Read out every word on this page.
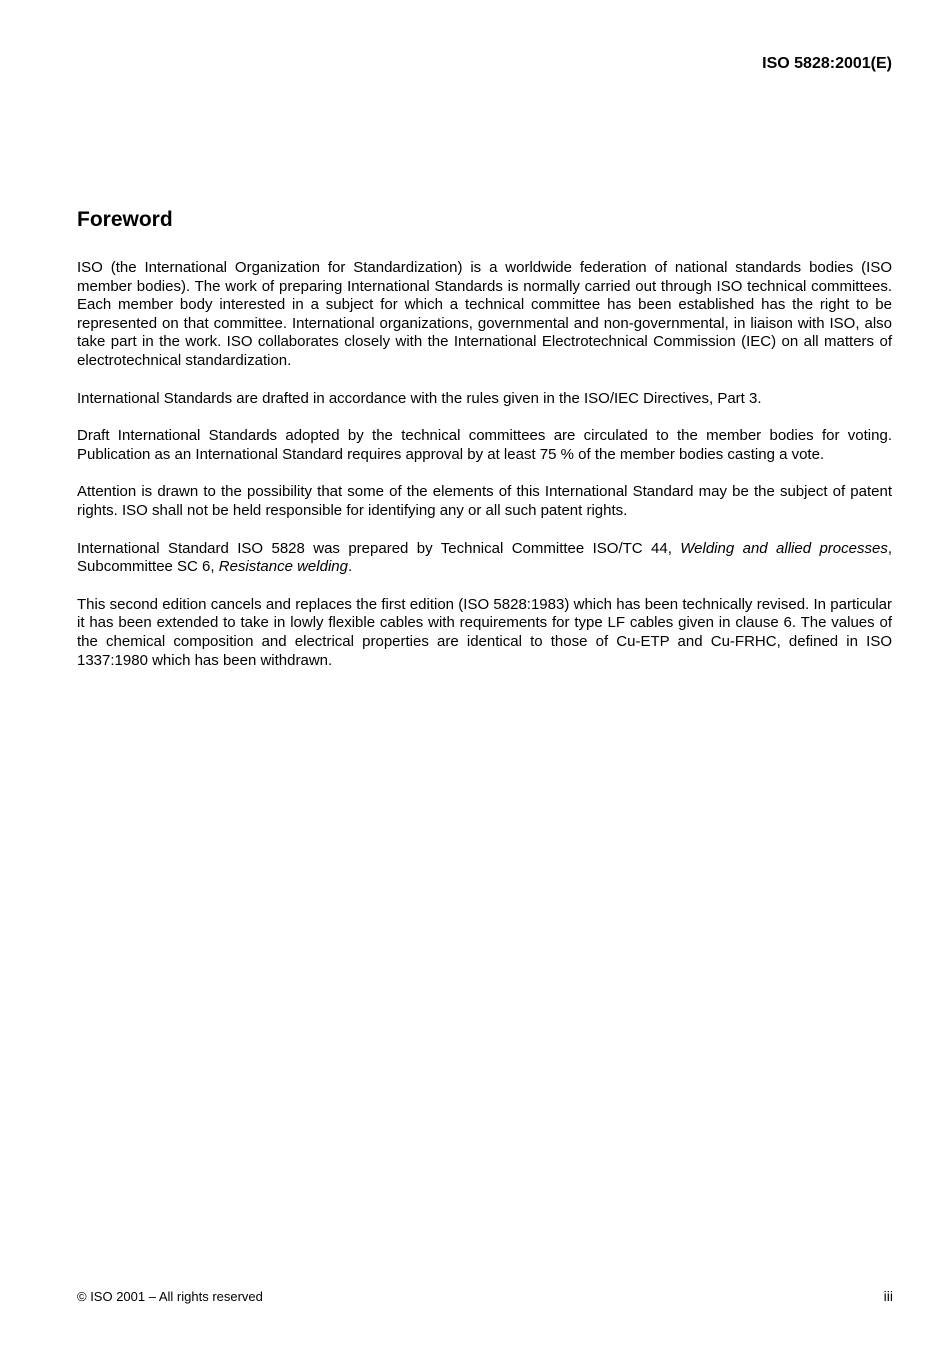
ISO 5828:2001(E)
Foreword

ISO (the International Organization for Standardization) is a worldwide federation of national standards bodies (ISO member bodies). The work of preparing International Standards is normally carried out through ISO technical committees. Each member body interested in a subject for which a technical committee has been established has the right to be represented on that committee. International organizations, governmental and non-governmental, in liaison with ISO, also take part in the work. ISO collaborates closely with the International Electrotechnical Commission (IEC) on all matters of electrotechnical standardization.

International Standards are drafted in accordance with the rules given in the ISO/IEC Directives, Part 3.

Draft International Standards adopted by the technical committees are circulated to the member bodies for voting. Publication as an International Standard requires approval by at least 75 % of the member bodies casting a vote.

Attention is drawn to the possibility that some of the elements of this International Standard may be the subject of patent rights. ISO shall not be held responsible for identifying any or all such patent rights.

International Standard ISO 5828 was prepared by Technical Committee ISO/TC 44, Welding and allied processes, Subcommittee SC 6, Resistance welding.

This second edition cancels and replaces the first edition (ISO 5828:1983) which has been technically revised. In particular it has been extended to take in lowly flexible cables with requirements for type LF cables given in clause 6. The values of the chemical composition and electrical properties are identical to those of Cu-ETP and Cu-FRHC, defined in ISO 1337:1980 which has been withdrawn.

© ISO 2001 – All rights reserved	iii
